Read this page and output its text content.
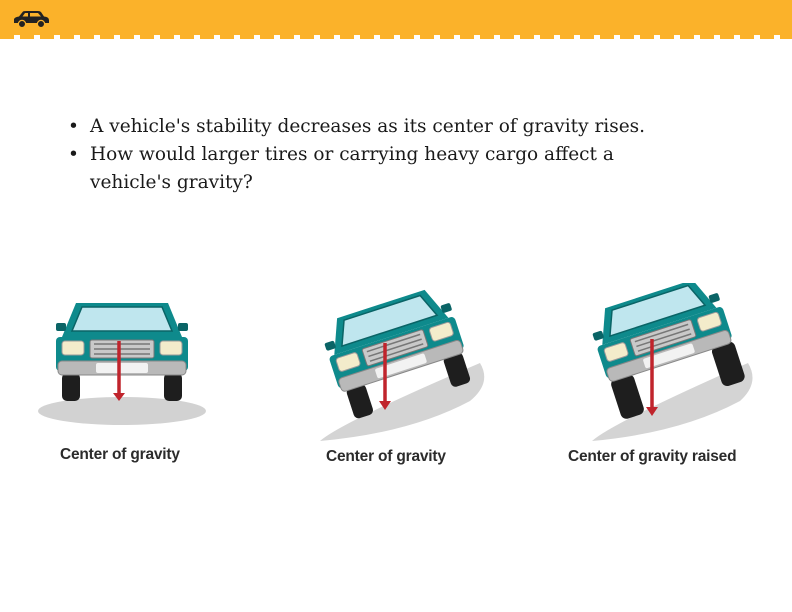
• A vehicle's stability decreases as its center of gravity rises.
• How would larger tires or carrying heavy cargo affect a vehicle's gravity?
Center of gravity	Center of gravity	Center of gravity raised
